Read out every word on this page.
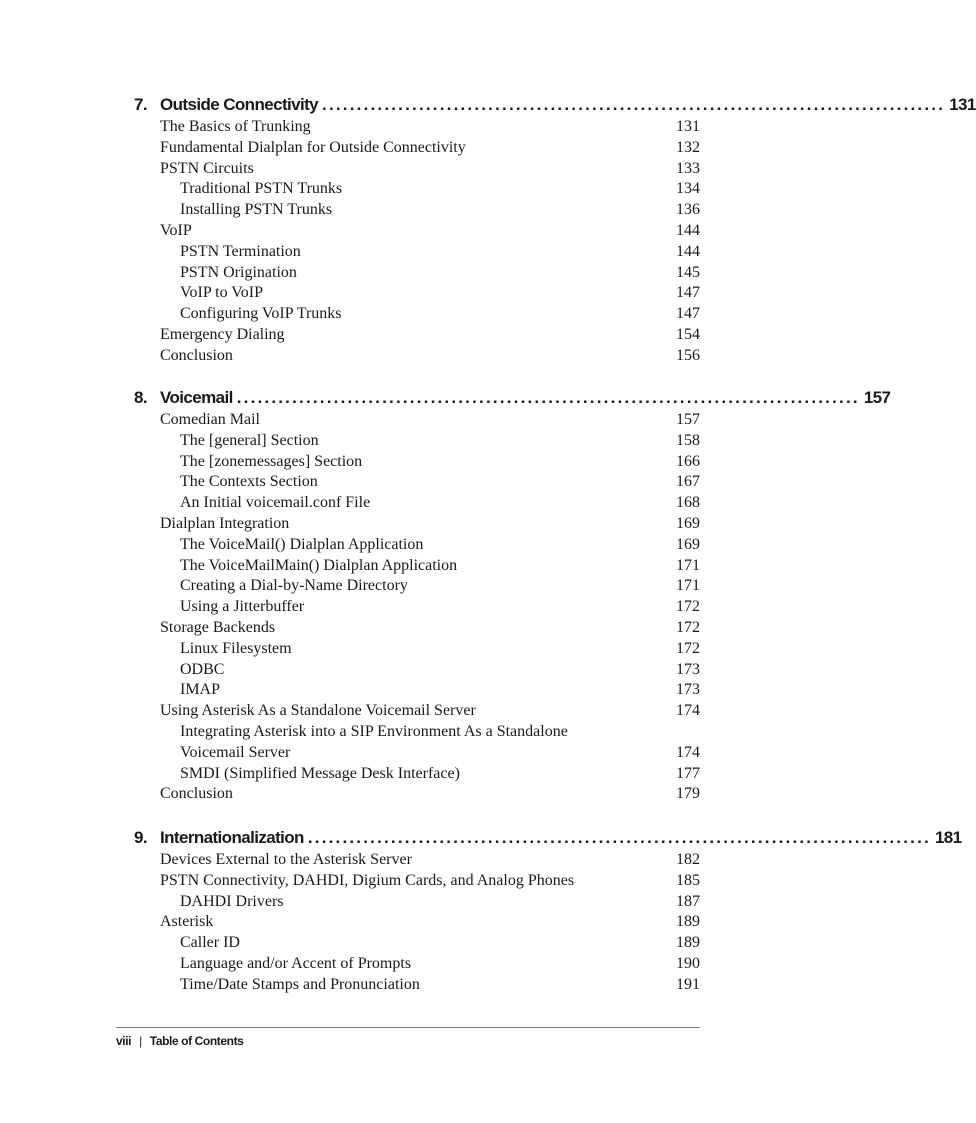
7. Outside Connectivity .......................................................................................... 131
The Basics of Trunking	131
Fundamental Dialplan for Outside Connectivity	132
PSTN Circuits	133
Traditional PSTN Trunks	134
Installing PSTN Trunks	136
VoIP	144
PSTN Termination	144
PSTN Origination	145
VoIP to VoIP	147
Configuring VoIP Trunks	147
Emergency Dialing	154
Conclusion	156
8. Voicemail .......................................................................................... 157
Comedian Mail	157
The [general] Section	158
The [zonemessages] Section	166
The Contexts Section	167
An Initial voicemail.conf File	168
Dialplan Integration	169
The VoiceMail() Dialplan Application	169
The VoiceMailMain() Dialplan Application	171
Creating a Dial-by-Name Directory	171
Using a Jitterbuffer	172
Storage Backends	172
Linux Filesystem	172
ODBC	173
IMAP	173
Using Asterisk As a Standalone Voicemail Server	174
Integrating Asterisk into a SIP Environment As a Standalone
Voicemail Server	174
SMDI (Simplified Message Desk Interface)	177
Conclusion	179
9. Internationalization .......................................................................................... 181
Devices External to the Asterisk Server	182
PSTN Connectivity, DAHDI, Digium Cards, and Analog Phones	185
DAHDI Drivers	187
Asterisk	189
Caller ID	189
Language and/or Accent of Prompts	190
Time/Date Stamps and Pronunciation	191
viii | Table of Contents
